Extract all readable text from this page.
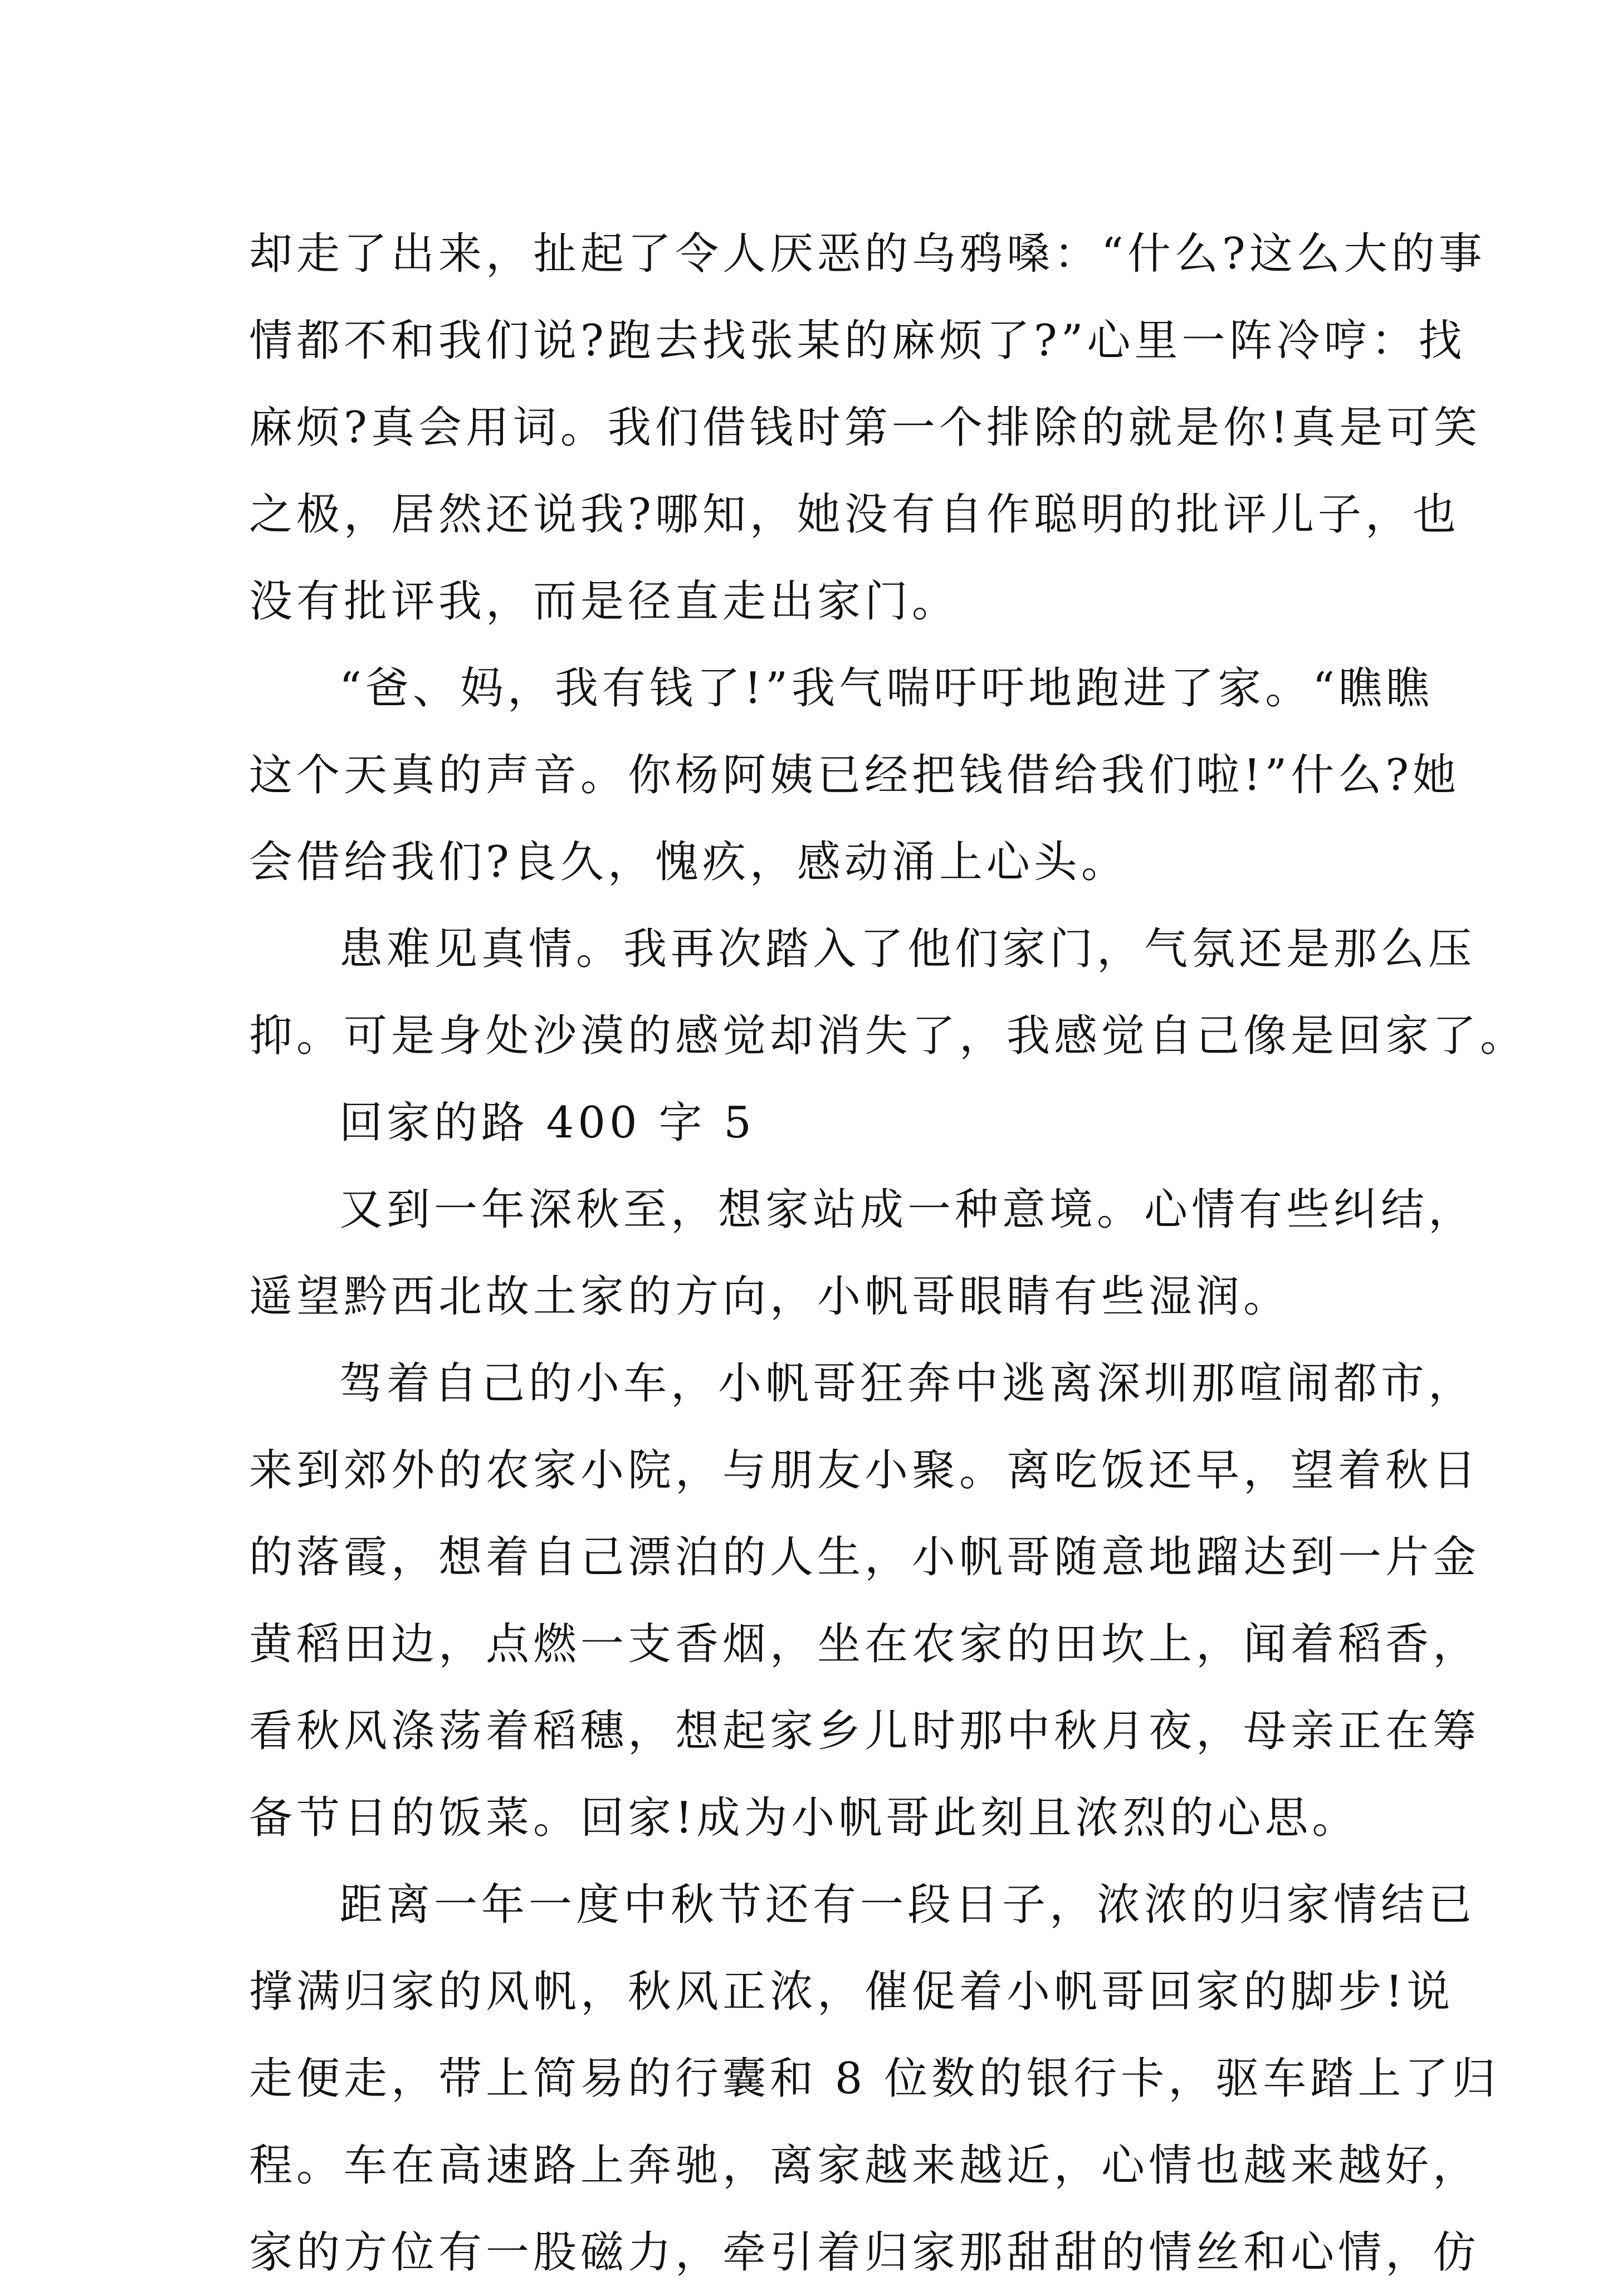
却走了出来，扯起了令人厌恶的乌鸦嗓：“什么?这么大的事
情都不和我们说?跑去找张某的麻烦了?”心里一阵冷哼：找
麻烦?真会用词。我们借钱时第一个排除的就是你!真是可笑
之极，居然还说我?哪知，她没有自作聪明的批评儿子，也
没有批评我，而是径直走出家门。

“爸、妈，我有钱了!”我气喘吁吁地跑进了家。“瞧瞧
这个天真的声音。你杨阿姨已经把钱借给我们啦!”什么?她
会借给我们?良久，愧疚，感动涌上心头。

患难见真情。我再次踏入了他们家门，气氛还是那么压
抑。可是身处沙漠的感觉却消失了，我感觉自己像是回家了。

回家的路 400 字 5

又到一年深秋至，想家站成一种意境。心情有些纠结，
遥望黔西北故土家的方向，小帆哥眼睛有些湿润。

驾着自己的小车，小帆哥狂奔中逃离深圳那喧闹都市，
来到郊外的农家小院，与朋友小聚。离吃饭还早，望着秋日
的落霞，想着自己漂泊的人生，小帆哥随意地蹓达到一片金
黄稻田边，点燃一支香烟，坐在农家的田坎上，闻着稻香，
看秋风涤荡着稻穗，想起家乡儿时那中秋月夜，母亲正在筹
备节日的饭菜。回家!成为小帆哥此刻且浓烈的心思。

距离一年一度中秋节还有一段日子，浓浓的归家情结已
撑满归家的风帆，秋风正浓，催促着小帆哥回家的脚步!说
走便走，带上简易的行囊和 8 位数的银行卡，驱车踏上了归
程。车在高速路上奔驰，离家越来越近，心情也越来越好，
家的方位有一股磁力，牵引着归家那甜甜的情丝和心情，仿
